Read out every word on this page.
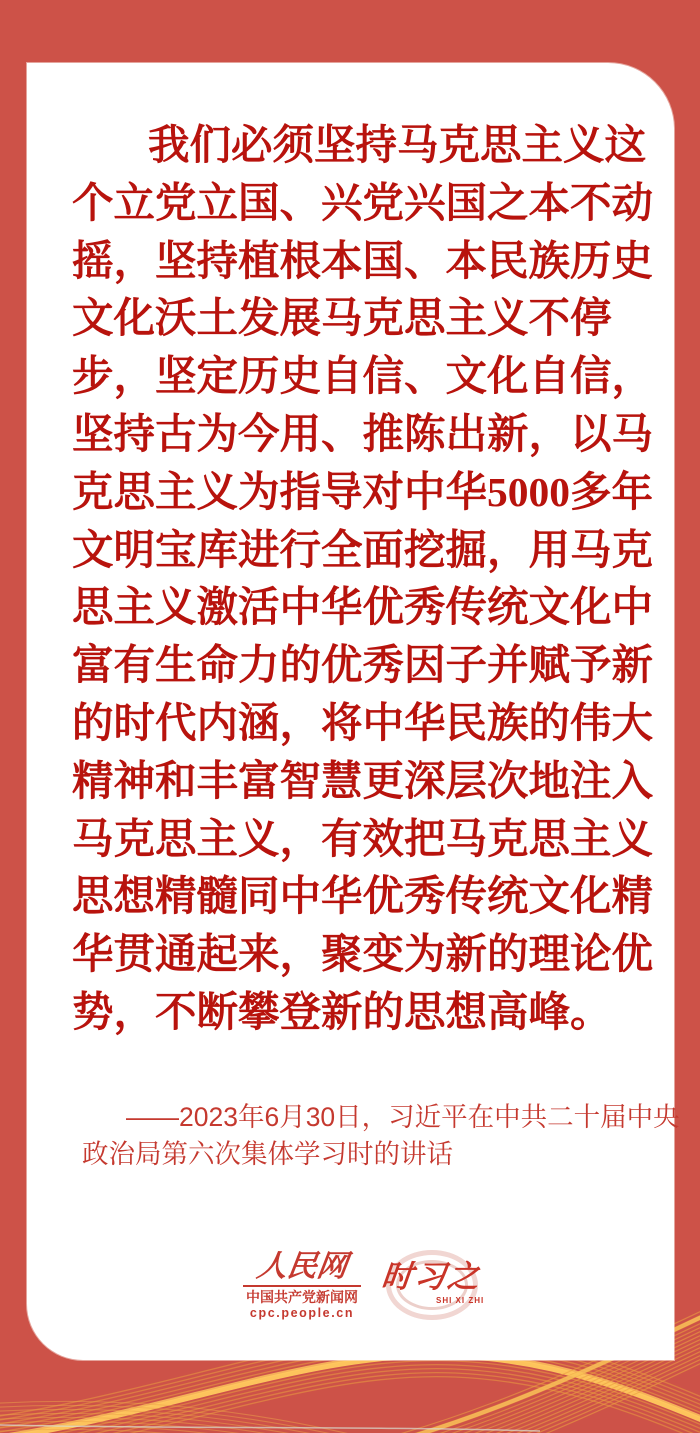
我们必须坚持马克思主义这
个立党立国、兴党兴国之本不动
摇，坚持植根本国、本民族历史
文化沃土发展马克思主义不停
步，坚定历史自信、文化自信，
坚持古为今用、推陈出新，以马
克思主义为指导对中华5000多年
文明宝库进行全面挖掘，用马克
思主义激活中华优秀传统文化中
富有生命力的优秀因子并赋予新
的时代内涵，将中华民族的伟大
精神和丰富智慧更深层次地注入
马克思主义，有效把马克思主义
思想精髓同中华优秀传统文化精
华贯通起来，聚变为新的理论优
势，不断攀登新的思想高峰。
——2023年6月30日，习近平在中共二十届中央
政治局第六次集体学习时的讲话
人民网
中国共产党新闻网
cpc.people.cn
时习之
SHI XI ZHI
